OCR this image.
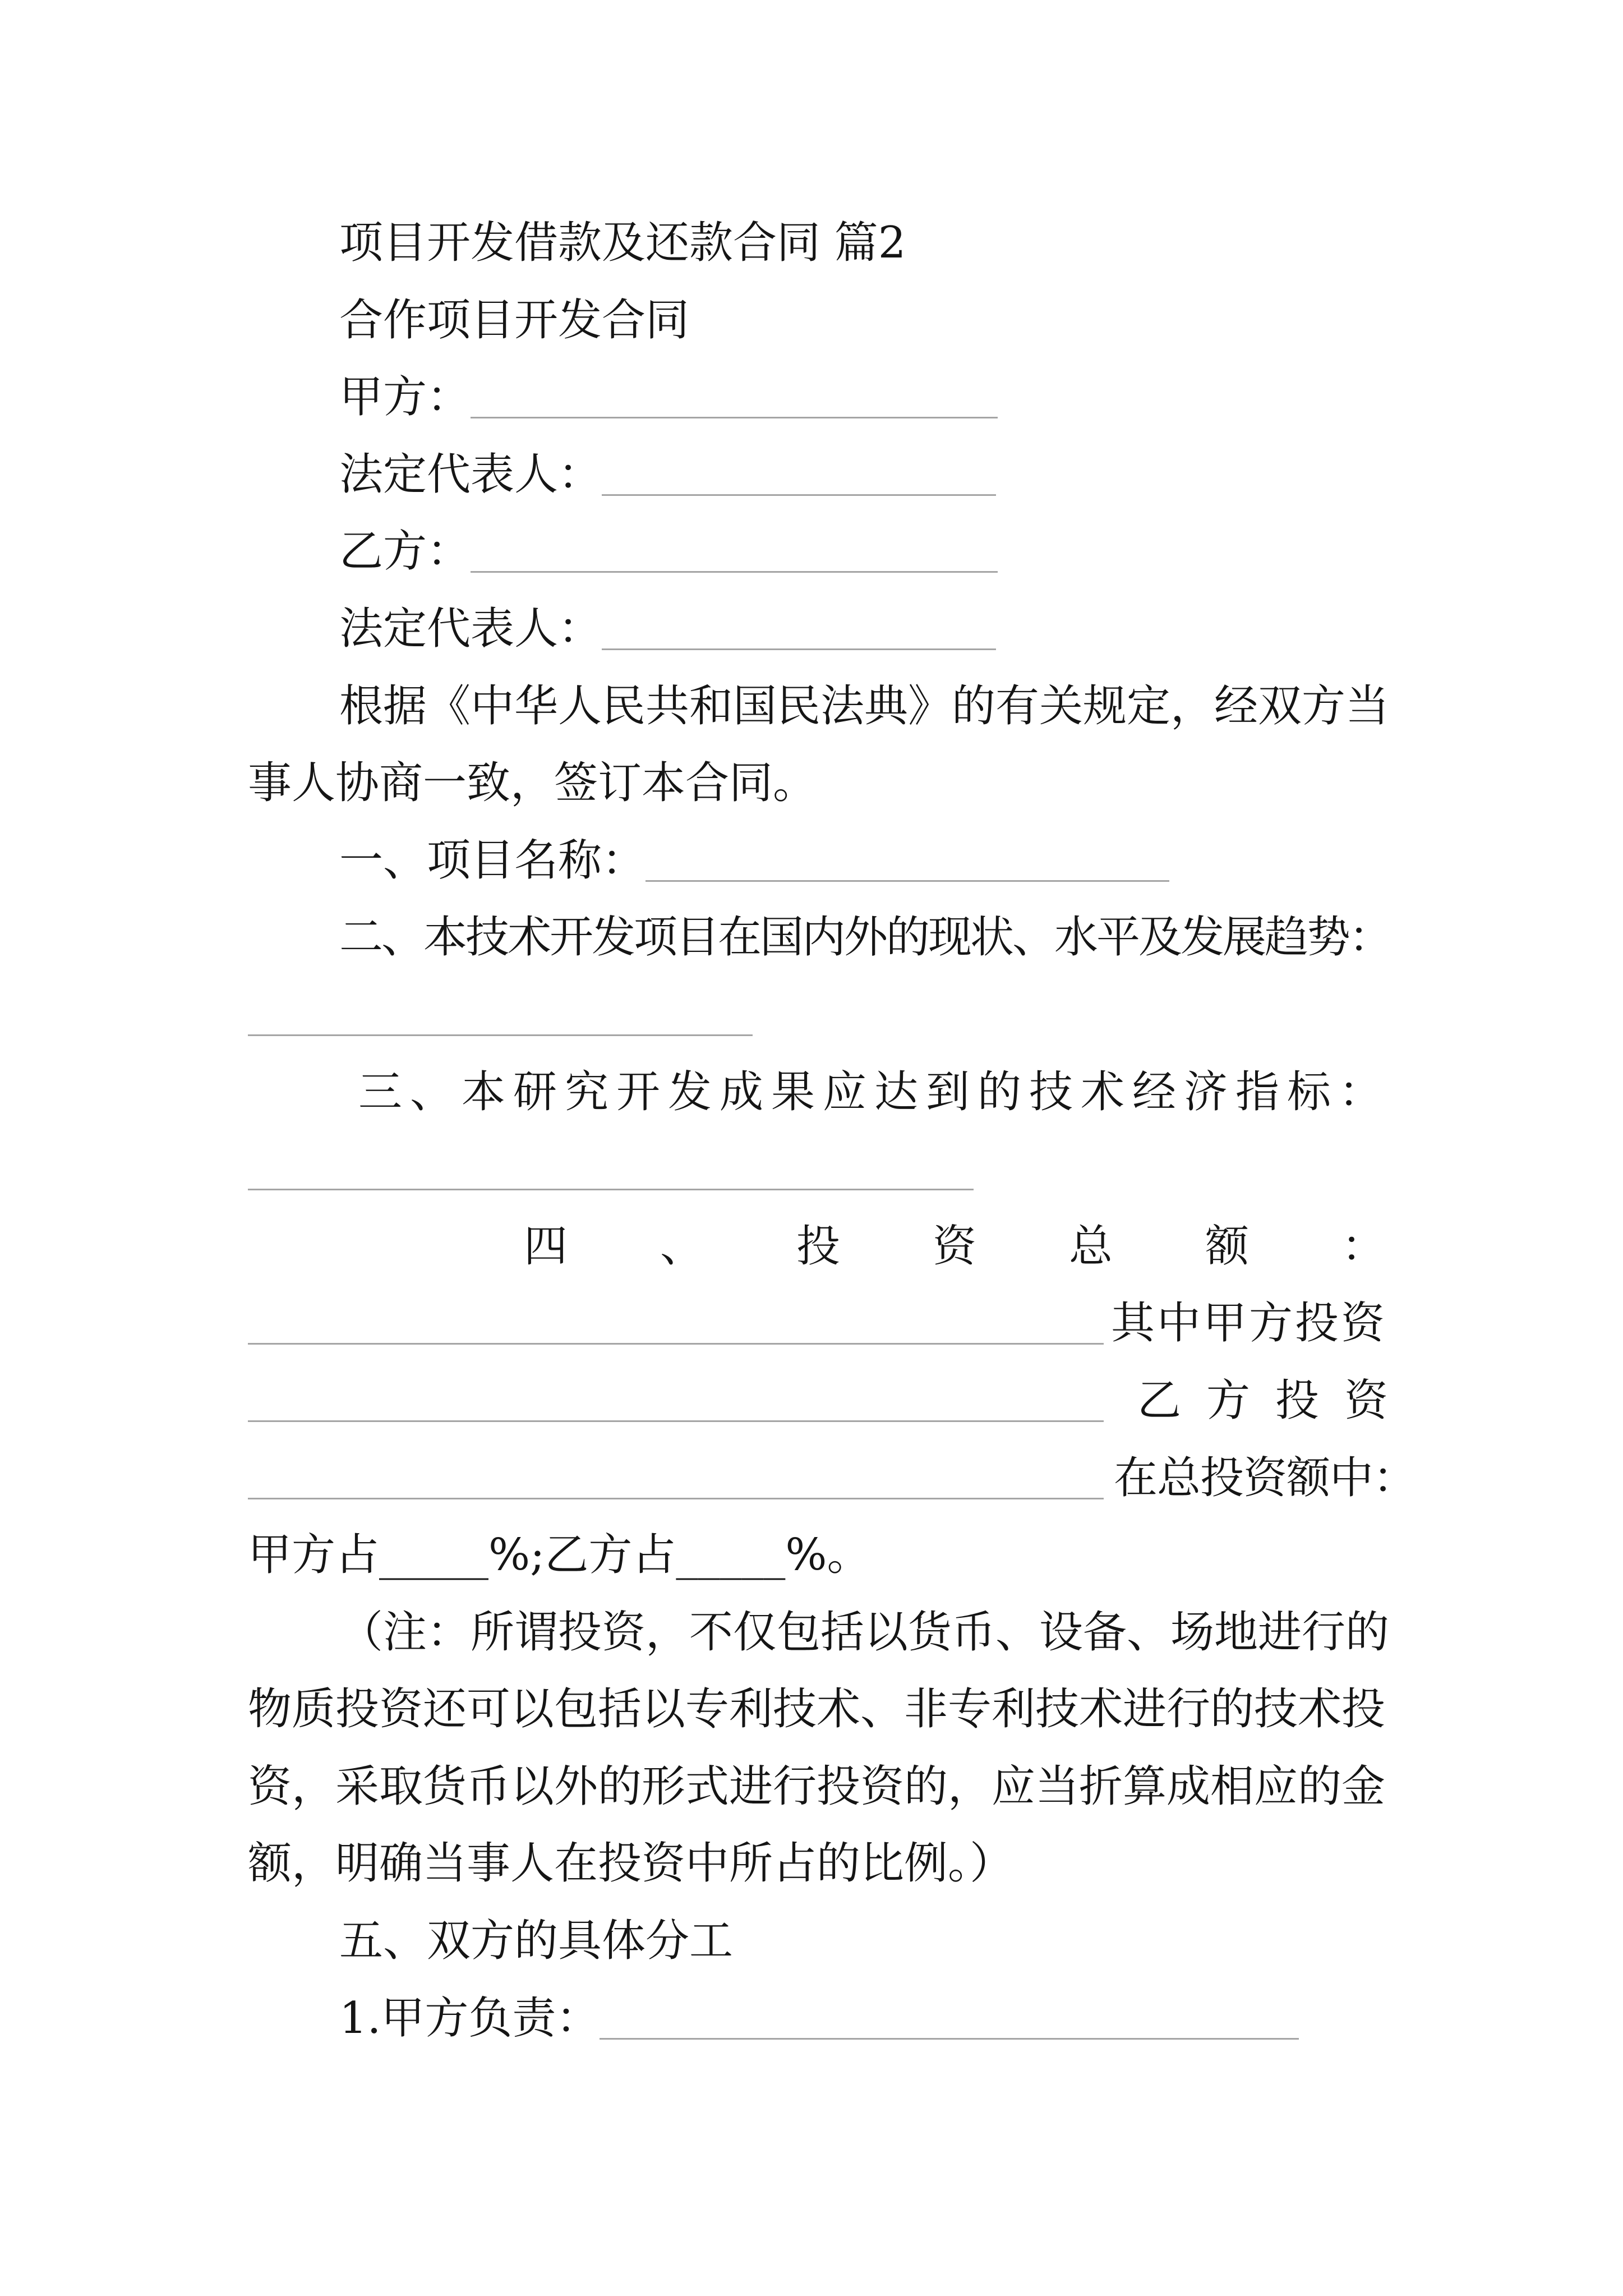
项目开发借款及还款合同 篇2
合作项目开发合同
甲方：
法定代表人：
乙方：
法定代表人：
根据《中华人民共和国民法典》的有关规定，经双方当
事人协商一致，签订本合同。
一、项目名称：
二、本技术开发项目在国内外的现状、水平及发展趋势：
三、本研究开发成果应达到的技术经济指标：
四、投资总额：
其中甲方投资
乙方投资
在总投资额中：
甲方占_____%;乙方占_____%。
（注：所谓投资，不仅包括以货币、设备、场地进行的
物质投资还可以包括以专利技术、非专利技术进行的技术投
资，采取货币以外的形式进行投资的，应当折算成相应的金
额，明确当事人在投资中所占的比例。）
五、双方的具体分工
1.甲方负责：
